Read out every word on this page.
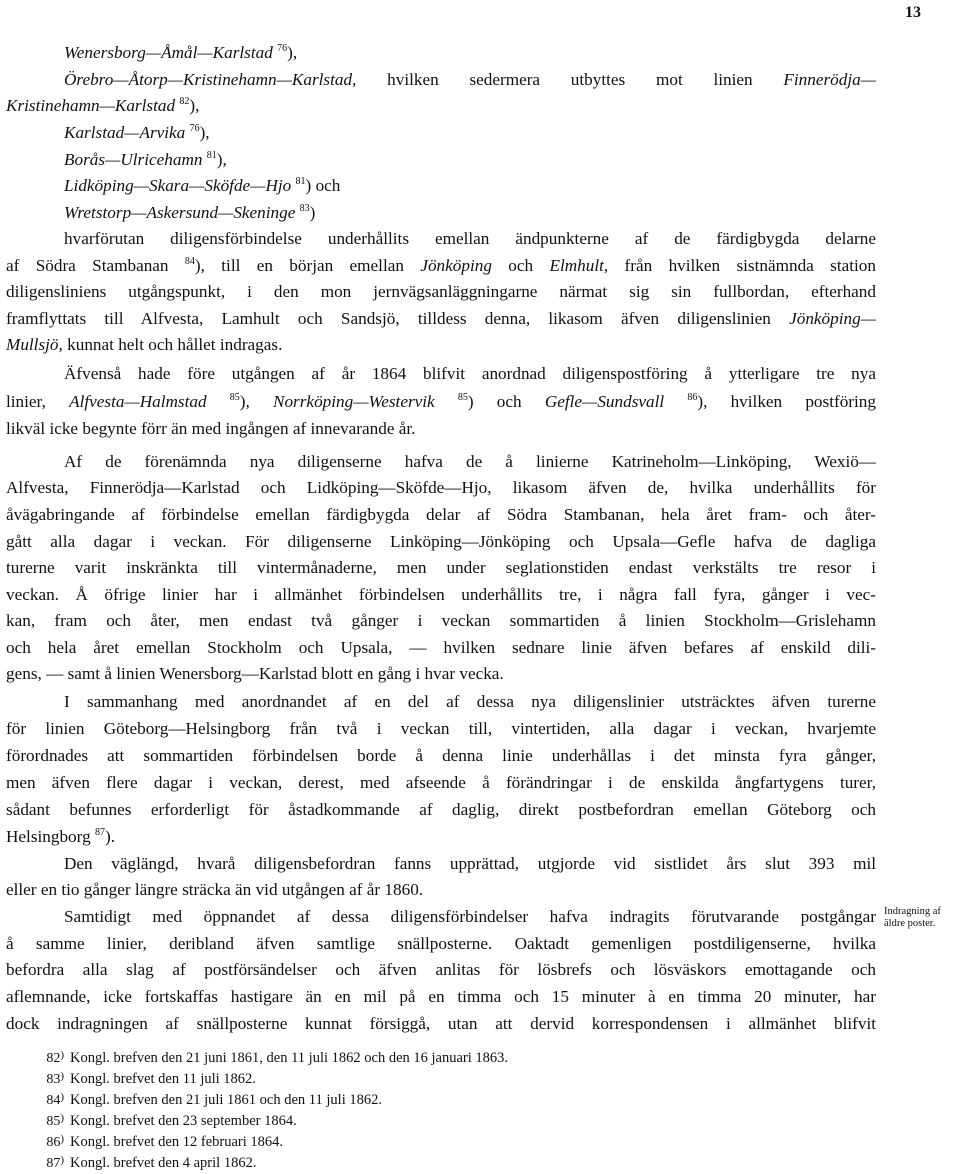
13
Wenersborg—Åmål—Karlstad $^{76}$),
Örebro—Åtorp—Kristinehamn—Karlstad, hvilken sedermera utbyttes mot linien Finnerödja—
Kristinehamn—Karlstad $^{82}$),
Karlstad—Arvika $^{76}$),
Borås—Ulricehamn $^{81}$),
Lidköping—Skara—Sköfde—Hjo $^{81}$) och
Wretstorp—Askersund—Skeninge $^{83}$)
hvarförutan diligensförbindelse underhållits emellan ändpunkterne af de färdigbygda delarne
af Södra Stambanan $^{84}$), till en början emellan Jönköping och Elmhult, från hvilken sistnämnda station
diligensliniens utgångspunkt, i den mon jernvägsanläggningarne närmat sig sin fullbordan, efterhand
framflyttats till Alfvesta, Lamhult och Sandsjö, tilldess denna, likasom äfven diligenslinien Jönköping—
Mullsjö, kunnat helt och hållet indragas.
Äfvenså hade före utgången af år 1864 blifvit anordnad diligenspostföring å ytterligare tre nya
linier, Alfvesta—Halmstad $^{85}$), Norrköping—Westervik $^{85}$) och Gefle—Sundsvall $^{86}$), hvilken postföring
likväl icke begynte förr än med ingången af innevarande år.
Af de förenämnda nya diligenserne hafva de å linierne Katrineholm—Linköping, Wexiö—
Alfvesta, Finnerödja—Karlstad och Lidköping—Sköfde—Hjo, likasom äfven de, hvilka underhållits för
åvägabringande af förbindelse emellan färdigbygda delar af Södra Stambanan, hela året fram- och åter-
gått alla dagar i veckan. För diligenserne Linköping—Jönköping och Upsala—Gefle hafva de dagliga
turerne varit inskränkta till vintermånaderne, men under seglationstiden endast verkstälts tre resor i
veckan. Å öfrige linier har i allmänhet förbindelsen underhållits tre, i några fall fyra, gånger i vec-
kan, fram och åter, men endast två gånger i veckan sommartiden å linien Stockholm—Grislehamn
och hela året emellan Stockholm och Upsala, — hvilken sednare linie äfven befares af enskild dili-
gens, — samt å linien Wenersborg—Karlstad blott en gång i hvar vecka.
I sammanhang med anordnandet af en del af dessa nya diligenslinier utsträcktes äfven turerne
för linien Göteborg—Helsingborg från två i veckan till, vintertiden, alla dagar i veckan, hvarjemte
förordnades att sommartiden förbindelsen borde å denna linie underhållas i det minsta fyra gånger,
men äfven flere dagar i veckan, derest, med afseende å förändringar i de enskilda ångfartygens turer,
sådant befunnes erforderligt för åstadkommande af daglig, direkt postbefordran emellan Göteborg och
Helsingborg $^{87}$).
Den väglängd, hvarå diligensbefordran fanns upprättad, utgjorde vid sistlidet års slut 393 mil
eller en tio gånger längre sträcka än vid utgången af år 1860.
Samtidigt med öppnandet af dessa diligensförbindelser hafva indragits förutvarande postgångar
å samme linier, deribland äfven samtlige snällposterne. Oaktadt gemenligen postdiligenserne, hvilka
befordra alla slag af postförsändelser och äfven anlitas för lösbrefs och lösväskors emottagande och
aflemnande, icke fortskaffas hastigare än en mil på en timma och 15 minuter à en timma 20 minuter, har
dock indragningen af snällposterne kunnat försiggå, utan att dervid korrespondensen i allmänhet blifvit
Indragning af äldre poster.
82) Kongl. brefven den 21 juni 1861, den 11 juli 1862 och den 16 januari 1863.
83) Kongl. brefvet den 11 juli 1862.
84) Kongl. brefven den 21 juli 1861 och den 11 juli 1862.
85) Kongl. brefvet den 23 september 1864.
86) Kongl. brefvet den 12 februari 1864.
87) Kongl. brefvet den 4 april 1862.
